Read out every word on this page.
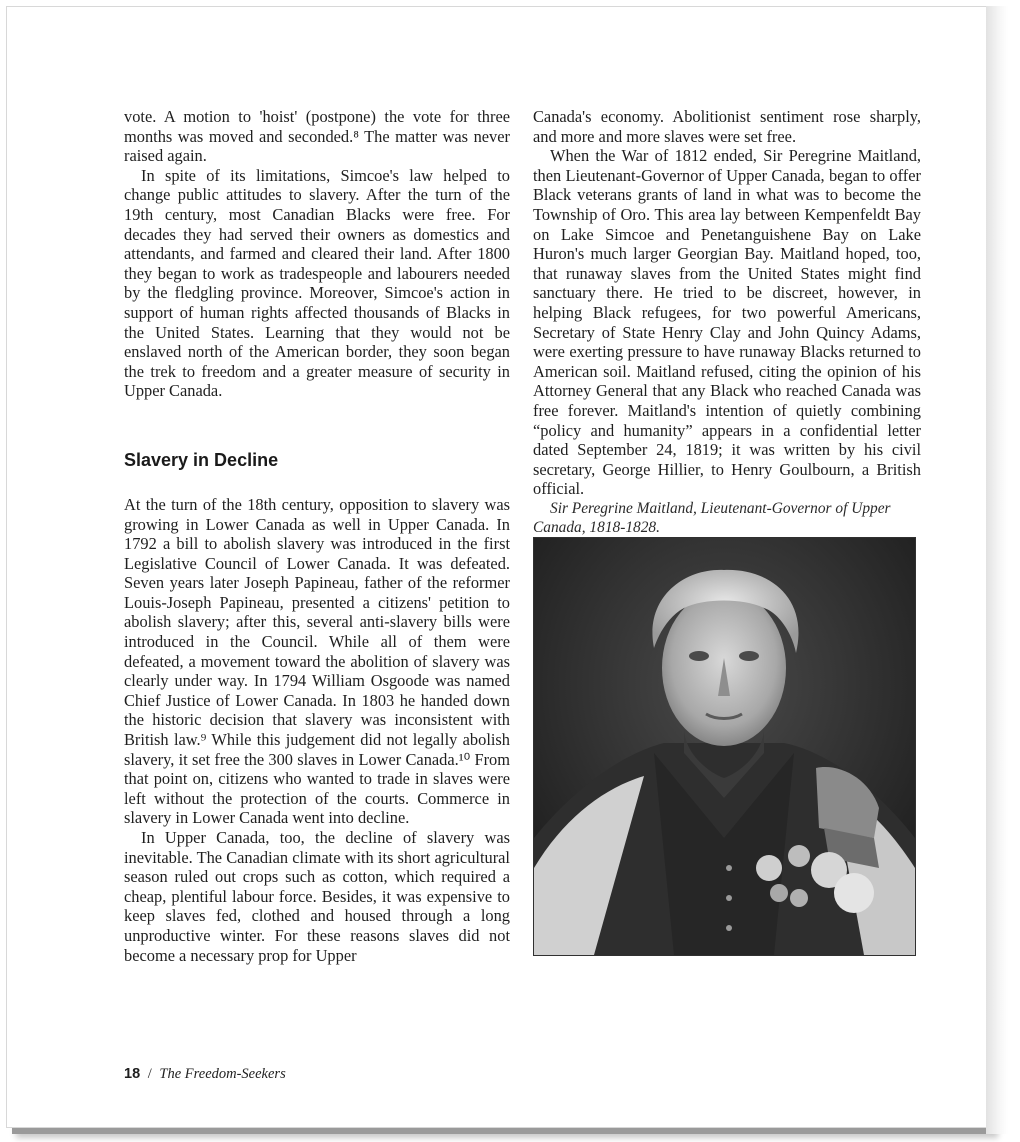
vote. A motion to 'hoist' (postpone) the vote for three months was moved and seconded.⁸ The matter was never raised again.

In spite of its limitations, Simcoe's law helped to change public attitudes to slavery. After the turn of the 19th century, most Canadian Blacks were free. For decades they had served their owners as domestics and attendants, and farmed and cleared their land. After 1800 they began to work as tradespeople and labourers needed by the fledgling province. Moreover, Simcoe's action in support of human rights affected thousands of Blacks in the United States. Learning that they would not be enslaved north of the American border, they soon began the trek to freedom and a greater measure of security in Upper Canada.

Slavery in Decline

At the turn of the 18th century, opposition to slavery was growing in Lower Canada as well in Upper Canada. In 1792 a bill to abolish slavery was introduced in the first Legislative Council of Lower Canada. It was defeated. Seven years later Joseph Papineau, father of the reformer Louis-Joseph Papineau, presented a citizens' petition to abolish slavery; after this, several anti-slavery bills were introduced in the Council. While all of them were defeated, a movement toward the abolition of slavery was clearly under way. In 1794 William Osgoode was named Chief Justice of Lower Canada. In 1803 he handed down the historic decision that slavery was inconsistent with British law.⁹ While this judgement did not legally abolish slavery, it set free the 300 slaves in Lower Canada.¹⁰ From that point on, citizens who wanted to trade in slaves were left without the protection of the courts. Commerce in slavery in Lower Canada went into decline.

In Upper Canada, too, the decline of slavery was inevitable. The Canadian climate with its short agricultural season ruled out crops such as cotton, which required a cheap, plentiful labour force. Besides, it was expensive to keep slaves fed, clothed and housed through a long unproductive winter. For these reasons slaves did not become a necessary prop for Upper

Canada's economy. Abolitionist sentiment rose sharply, and more and more slaves were set free.

When the War of 1812 ended, Sir Peregrine Maitland, then Lieutenant-Governor of Upper Canada, began to offer Black veterans grants of land in what was to become the Township of Oro. This area lay between Kempenfeldt Bay on Lake Simcoe and Penetanguishene Bay on Lake Huron's much larger Georgian Bay. Maitland hoped, too, that runaway slaves from the United States might find sanctuary there. He tried to be discreet, however, in helping Black refugees, for two powerful Americans, Secretary of State Henry Clay and John Quincy Adams, were exerting pressure to have runaway Blacks returned to American soil. Maitland refused, citing the opinion of his Attorney General that any Black who reached Canada was free forever. Maitland's intention of quietly combining “policy and humanity” appears in a confidential letter dated September 24, 1819; it was written by his civil secretary, George Hillier, to Henry Goulbourn, a British official.

Sir Peregrine Maitland, Lieutenant-Governor of Upper Canada, 1818-1828.

18 / The Freedom-Seekers
